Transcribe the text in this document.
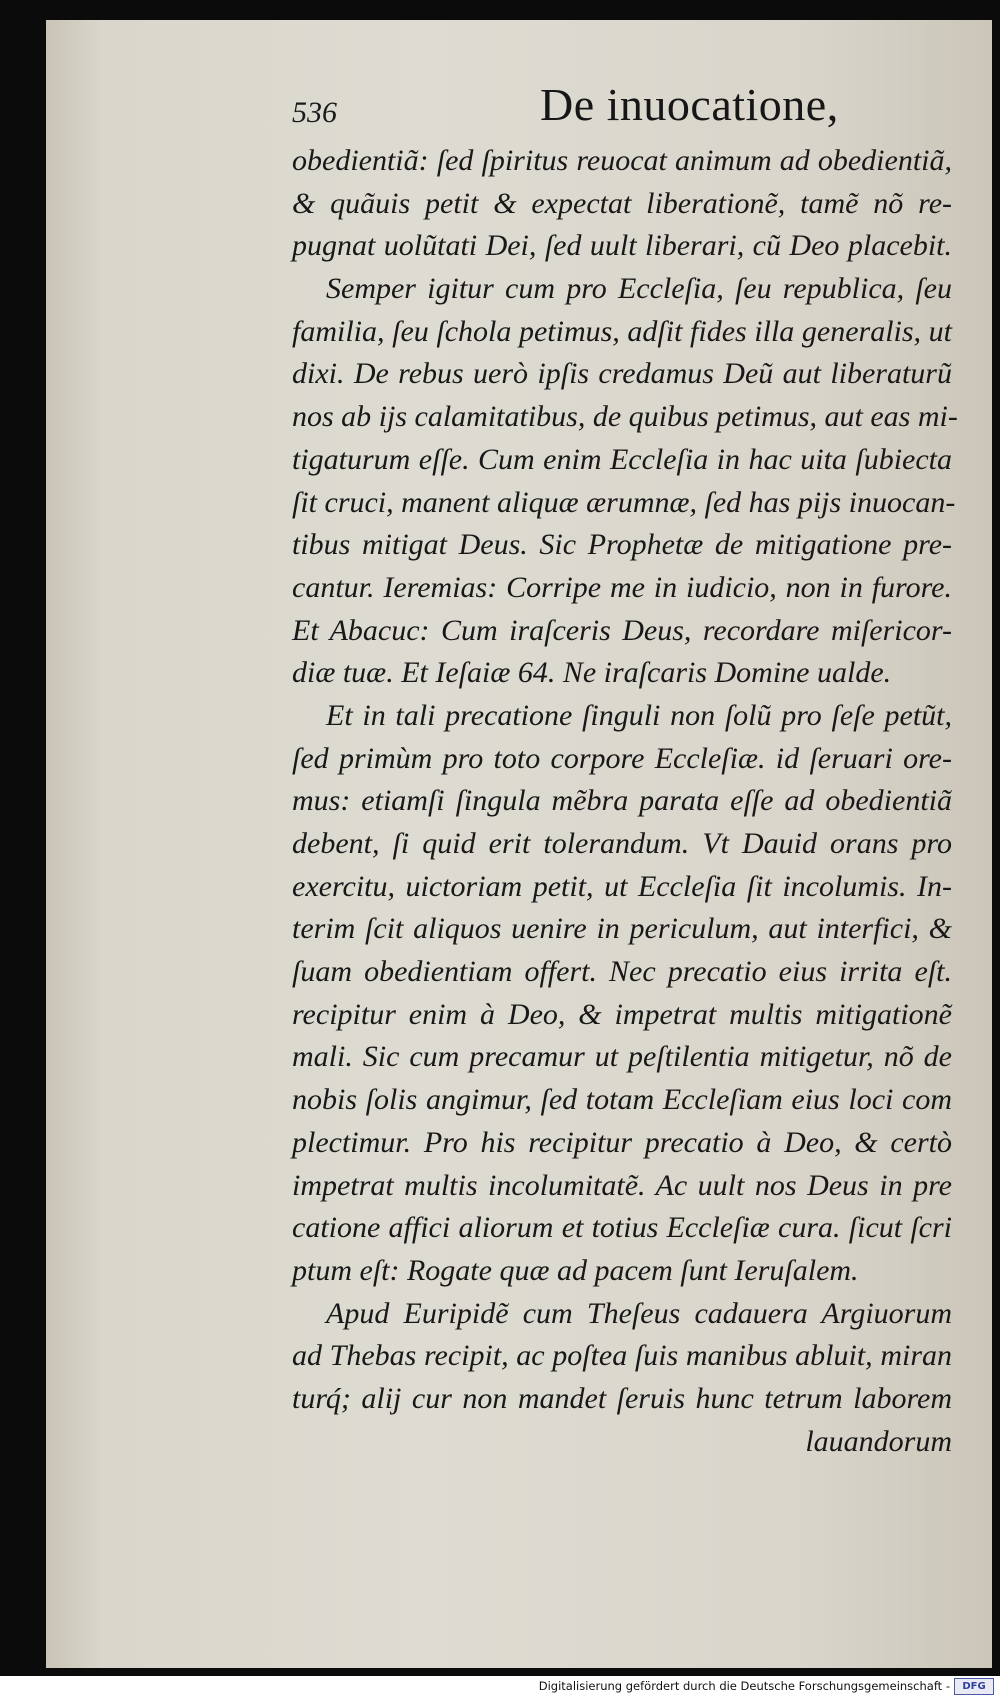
536	De inuocatione,
obedientiã: ſed ſpiritus reuocat animum ad obedientiã,
& quãuis petit & expectat liberationẽ, tamẽ nõ re-
pugnat uolũtati Dei, ſed uult liberari, cũ Deo placebit.
Semper igitur cum pro Eccleſia, ſeu republica, ſeu
familia, ſeu ſchola petimus, adſit fides illa generalis, ut
dixi. De rebus uerò ipſis credamus Deũ aut liberaturũ
nos ab ijs calamitatibus, de quibus petimus, aut eas mi-
tigaturum eſſe. Cum enim Eccleſia in hac uita ſubiecta
ſit cruci, manent aliquæ ærumnæ, ſed has pijs inuocan-
tibus mitigat Deus. Sic Prophetæ de mitigatione pre-
cantur. Ieremias: Corripe me in iudicio, non in furore.
Et Abacuc: Cum iraſceris Deus, recordare miſericor-
diæ tuæ. Et Ieſaiæ 64. Ne iraſcaris Domine ualde.
Et in tali precatione ſinguli non ſolũ pro ſeſe petũt,
ſed primùm pro toto corpore Eccleſiæ. id ſeruari ore-
mus: etiamſi ſingula mẽbra parata eſſe ad obedientiã
debent, ſi quid erit tolerandum. Vt Dauid orans pro
exercitu, uictoriam petit, ut Eccleſia ſit incolumis. In-
terim ſcit aliquos uenire in periculum, aut interfici, &
ſuam obedientiam offert. Nec precatio eius irrita eſt.
recipitur enim à Deo, & impetrat multis mitigationẽ
mali. Sic cum precamur ut peſtilentia mitigetur, nõ de
nobis ſolis angimur, ſed totam Eccleſiam eius loci com
plectimur. Pro his recipitur precatio à Deo, & certò
impetrat multis incolumitatẽ. Ac uult nos Deus in pre
catione affici aliorum et totius Eccleſiæ cura. ſicut ſcri
ptum eſt: Rogate quæ ad pacem ſunt Ieruſalem.
Apud Euripidẽ cum Theſeus cadauera Argiuorum
ad Thebas recipit, ac poſtea ſuis manibus abluit, miran
turq́; alij cur non mandet ſeruis hunc tetrum laborem
lauandorum
Digitalisierung gefördert durch die Deutsche Forschungsgemeinschaft -	DFG
